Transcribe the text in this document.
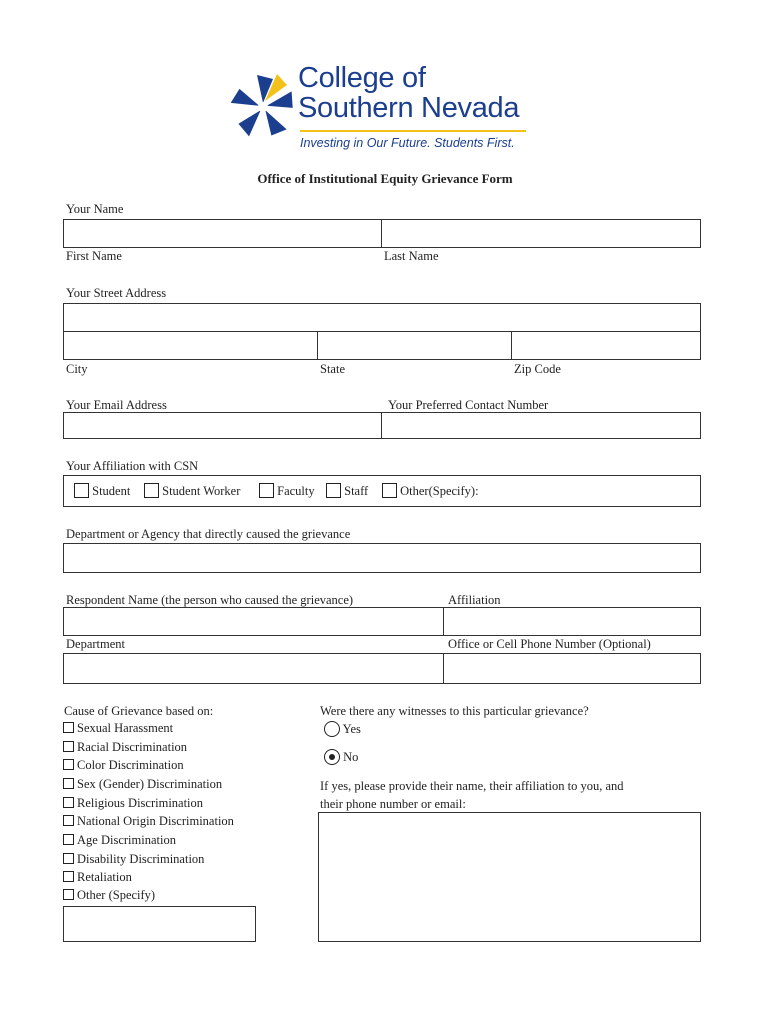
College of
Southern Nevada
Investing in Our Future. Students First.
Office of Institutional Equity Grievance Form
Your Name
First Name	Last Name
Your Street Address
City	State	Zip Code
Your Email Address	Your Preferred Contact Number
Your Affiliation with CSN
Student	Student Worker	Faculty	Staff	Other(Specify):
Department or Agency that directly caused the grievance
Respondent Name (the person who caused the grievance)	Affiliation
Department	Office or Cell Phone Number (Optional)
Cause of Grievance based on:
Sexual Harassment
Racial Discrimination
Color Discrimination
Sex (Gender) Discrimination
Religious Discrimination
National Origin Discrimination
Age Discrimination
Disability Discrimination
Retaliation
Other (Specify)
Were there any witnesses to this particular grievance?
Yes
No
If yes, please provide their name, their affiliation to you, and
their phone number or email:
